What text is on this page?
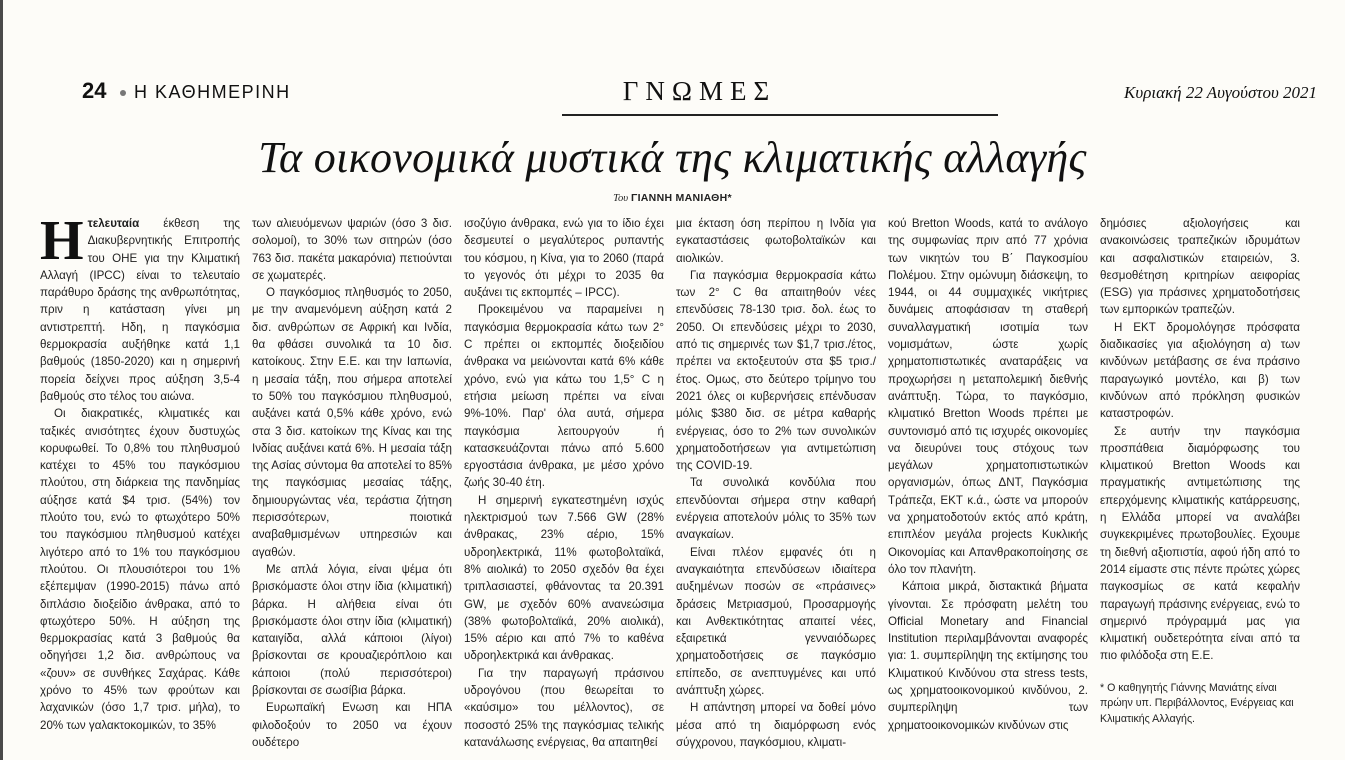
24 Η ΚΑΘΗΜΕΡΙΝΗ	ΓΝΩΜΕΣ	Κυριακή 22 Αυγούστου 2021
Τα οικονομικά μυστικά της κλιματικής αλλαγής
Του ΓΙΑΝΝΗ ΜΑΝΙΑΘΗ*

Ητελευταία έκθεση της Διακυβερνητικής Επιτροπής του ΟΗΕ για την Κλιματική Αλλαγή (IPCC) είναι το τελευταίο παράθυρο δράσης της ανθρωπότητας, πριν η κατάσταση γίνει μη αντιστρεπτή. Ηδη, η παγκόσμια θερμοκρασία αυξήθηκε κατά 1,1 βαθμούς (1850-2020) και η σημερινή πορεία δείχνει προς αύξηση 3,5-4 βαθμούς στο τέλος του αιώνα.

Οι διακρατικές, κλιματικές και ταξικές ανισότητες έχουν δυστυχώς κορυφωθεί. Το 0,8% του πληθυσμού κατέχει το 45% του παγκόσμιου πλούτου, στη διάρκεια της πανδημίας αύξησε κατά $4 τρισ. (54%) τον πλούτο του, ενώ το φτωχότερο 50% του παγκόσμιου πληθυσμού κατέχει λιγότερο από το 1% του παγκόσμιου πλούτου. Οι πλουσιότεροι του 1% εξέπεμψαν (1990-2015) πάνω από διπλάσιο διοξείδιο άνθρακα, από το φτωχότερο 50%. Η αύξηση της θερμοκρασίας κατά 3 βαθμούς θα οδηγήσει 1,2 δισ. ανθρώπους να «ζουν» σε συνθήκες Σαχάρας. Κάθε χρόνο το 45% των φρούτων και λαχανικών (όσο 1,7 τρισ. μήλα), το 20% των γαλακτοκομικών, το 35%

των αλιευόμενων ψαριών (όσο 3 δισ. σολομοί), το 30% των σιτηρών (όσο 763 δισ. πακέτα μακαρόνια) πετιούνται σε χωματερές.

Ο παγκόσμιος πληθυσμός το 2050, με την αναμενόμενη αύξηση κατά 2 δισ. ανθρώπων σε Αφρική και Ινδία, θα φθάσει συνολικά τα 10 δισ. κατοίκους. Στην Ε.Ε. και την Ιαπωνία, η μεσαία τάξη, που σήμερα αποτελεί το 50% του παγκόσμιου πληθυσμού, αυξάνει κατά 0,5% κάθε χρόνο, ενώ στα 3 δισ. κατοίκων της Κίνας και της Ινδίας αυξάνει κατά 6%. Η μεσαία τάξη της Ασίας σύντομα θα αποτελεί το 85% της παγκόσμιας μεσαίας τάξης, δημιουργώντας νέα, τεράστια ζήτηση περισσότερων, ποιοτικά αναβαθμισμένων υπηρεσιών και αγαθών.

Με απλά λόγια, είναι ψέμα ότι βρισκόμαστε όλοι στην ίδια (κλιματική) βάρκα. Η αλήθεια είναι ότι βρισκόμαστε όλοι στην ίδια (κλιματική) καταιγίδα, αλλά κάποιοι (λίγοι) βρίσκονται σε κρουαζιερόπλοιο και κάποιοι (πολύ περισσότεροι) βρίσκονται σε σωσίβια βάρκα.

Ευρωπαϊκή Ενωση και ΗΠΑ φιλοδοξούν το 2050 να έχουν ουδέτερο

ισοζύγιο άνθρακα, ενώ για το ίδιο έχει δεσμευτεί ο μεγαλύτερος ρυπαντής του κόσμου, η Κίνα, για το 2060 (παρά το γεγονός ότι μέχρι το 2035 θα αυξάνει τις εκπομπές – IPCC).

Προκειμένου να παραμείνει η παγκόσμια θερμοκρασία κάτω των 2° C πρέπει οι εκπομπές διοξειδίου άνθρακα να μειώνονται κατά 6% κάθε χρόνο, ενώ για κάτω του 1,5° C η ετήσια μείωση πρέπει να είναι 9%-10%. Παρ' όλα αυτά, σήμερα παγκόσμια λειτουργούν ή κατασκευάζονται πάνω από 5.600 εργοστάσια άνθρακα, με μέσο χρόνο ζωής 30-40 έτη.

Η σημερινή εγκατεστημένη ισχύς ηλεκτρισμού των 7.566 GW (28% άνθρακας, 23% αέριο, 15% υδροηλεκτρικά, 11% φωτοβολταϊκά, 8% αιολικά) το 2050 σχεδόν θα έχει τριπλασιαστεί, φθάνοντας τα 20.391 GW, με σχεδόν 60% ανανεώσιμα (38% φωτοβολταϊκά, 20% αιολικά), 15% αέριο και από 7% το καθένα υδροηλεκτρικά και άνθρακας.

Για την παραγωγή πράσινου υδρογόνου (που θεωρείται το «καύσιμο» του μέλλοντος), σε ποσοστό 25% της παγκόσμιας τελικής κατανάλωσης ενέργειας, θα απαιτηθεί

μια έκταση όση περίπου η Ινδία για εγκαταστάσεις φωτοβολταϊκών και αιολικών.

Για παγκόσμια θερμοκρασία κάτω των 2° C θα απαιτηθούν νέες επενδύσεις 78-130 τρισ. δολ. έως το 2050. Οι επενδύσεις μέχρι το 2030, από τις σημερινές των $1,7 τρισ./έτος, πρέπει να εκτοξευτούν στα $5 τρισ./έτος. Ομως, στο δεύτερο τρίμηνο του 2021 όλες οι κυβερνήσεις επένδυσαν μόλις $380 δισ. σε μέτρα καθαρής ενέργειας, όσο το 2% των συνολικών χρηματοδοτήσεων για αντιμετώπιση της COVID-19.

Τα συνολικά κονδύλια που επενδύονται σήμερα στην καθαρή ενέργεια αποτελούν μόλις το 35% των αναγκαίων.

Είναι πλέον εμφανές ότι η αναγκαιότητα επενδύσεων ιδιαίτερα αυξημένων ποσών σε «πράσινες» δράσεις Μετριασμού, Προσαρμογής και Ανθεκτικότητας απαιτεί νέες, εξαιρετικά γενναιόδωρες χρηματοδοτήσεις σε παγκόσμιο επίπεδο, σε ανεπτυγμένες και υπό ανάπτυξη χώρες.

Η απάντηση μπορεί να δοθεί μόνο μέσα από τη διαμόρφωση ενός σύγχρονου, παγκόσμιου, κλιματι-

κού Bretton Woods, κατά το ανάλογο της συμφωνίας πριν από 77 χρόνια των νικητών του Β΄ Παγκοσμίου Πολέμου. Στην ομώνυμη διάσκεψη, το 1944, οι 44 συμμαχικές νικήτριες δυνάμεις αποφάσισαν τη σταθερή συναλλαγματική ισοτιμία των νομισμάτων, ώστε χωρίς χρηματοπιστωτικές αναταράξεις να προχωρήσει η μεταπολεμική διεθνής ανάπτυξη. Τώρα, το παγκόσμιο, κλιματικό Bretton Woods πρέπει με συντονισμό από τις ισχυρές οικονομίες να διευρύνει τους στόχους των μεγάλων χρηματοπιστωτικών οργανισμών, όπως ΔΝΤ, Παγκόσμια Τράπεζα, ΕΚΤ κ.ά., ώστε να μπορούν να χρηματοδοτούν εκτός από κράτη, επιπλέον μεγάλα projects Κυκλικής Οικονομίας και Απανθρακοποίησης σε όλο τον πλανήτη.

Κάποια μικρά, διστακτικά βήματα γίνονται. Σε πρόσφατη μελέτη του Official Monetary and Financial Institution περιλαμβάνονται αναφορές για: 1. συμπερίληψη της εκτίμησης του Κλιματικού Κινδύνου στα stress tests, ως χρηματοοικονομικού κινδύνου, 2. συμπερίληψη των χρηματοοικονομικών κινδύνων στις

δημόσιες αξιολογήσεις και ανακοινώσεις τραπεζικών ιδρυμάτων και ασφαλιστικών εταιρειών, 3. θεσμοθέτηση κριτηρίων αειφορίας (ESG) για πράσινες χρηματοδοτήσεις των εμπορικών τραπεζών.

Η ΕΚΤ δρομολόγησε πρόσφατα διαδικασίες για αξιολόγηση α) των κινδύνων μετάβασης σε ένα πράσινο παραγωγικό μοντέλο, και β) των κινδύνων από πρόκληση φυσικών καταστροφών.

Σε αυτήν την παγκόσμια προσπάθεια διαμόρφωσης του κλιματικού Bretton Woods και πραγματικής αντιμετώπισης της επερχόμενης κλιματικής κατάρρευσης, η Ελλάδα μπορεί να αναλάβει συγκεκριμένες πρωτοβουλίες. Εχουμε τη διεθνή αξιοπιστία, αφού ήδη από το 2014 είμαστε στις πέντε πρώτες χώρες παγκοσμίως σε κατά κεφαλήν παραγωγή πράσινης ενέργειας, ενώ το σημερινό πρόγραμμά μας για κλιματική ουδετερότητα είναι από τα πιο φιλόδοξα στη Ε.Ε.

* Ο καθηγητής Γιάννης Μανιάτης είναι πρώην υπ. Περιβάλλοντος, Ενέργειας και Κλιματικής Αλλαγής.
